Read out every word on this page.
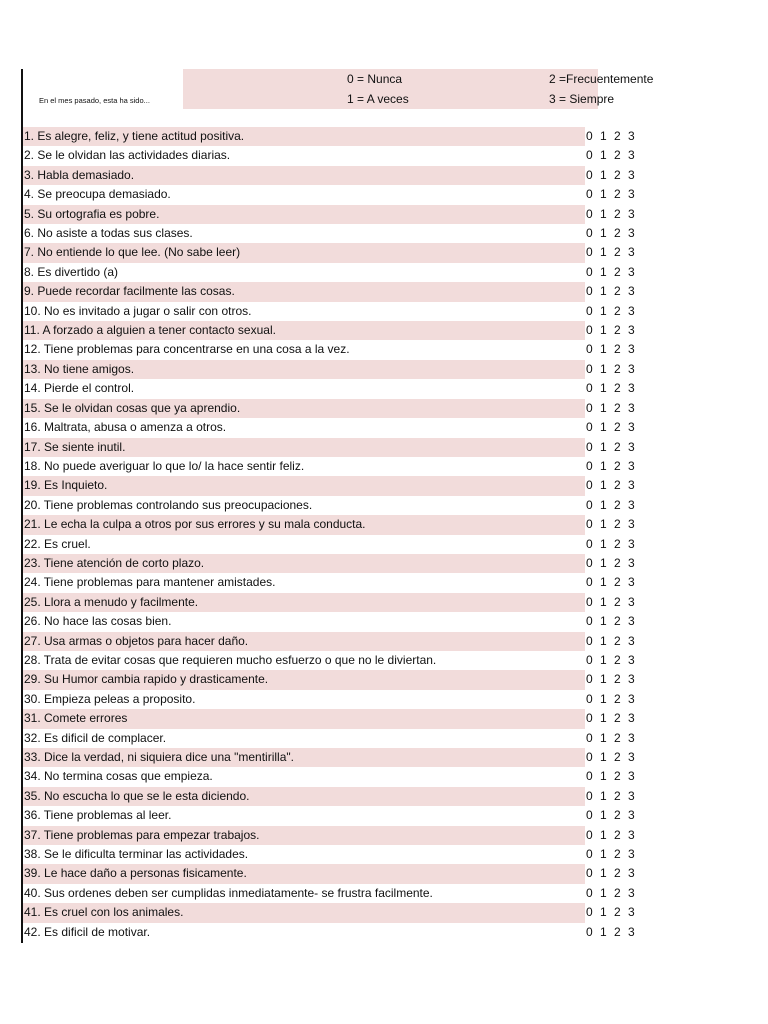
0 = Nunca
1 = A veces
2 =Frecuentemente
3 = Siempre
En el mes pasado, esta ha sido...
1. Es alegre, feliz, y tiene actitud positiva.	0 1 2 3
2. Se le olvidan las actividades diarias.	0 1 2 3
3. Habla demasiado.	0 1 2 3
4. Se preocupa demasiado.	0 1 2 3
5. Su ortografia es pobre.	0 1 2 3
6. No asiste a todas sus clases.	0 1 2 3
7. No entiende lo que lee. (No sabe leer)	0 1 2 3
8. Es divertido (a)	0 1 2 3
9. Puede recordar facilmente las cosas.	0 1 2 3
10. No es invitado a jugar o salir con otros.	0 1 2 3
11. A forzado a alguien a tener contacto sexual.	0 1 2 3
12. Tiene problemas para concentrarse en una cosa a la vez.	0 1 2 3
13. No tiene amigos.	0 1 2 3
14. Pierde el control.	0 1 2 3
15. Se le olvidan cosas que ya aprendio.	0 1 2 3
16. Maltrata, abusa o amenza a otros.	0 1 2 3
17. Se siente inutil.	0 1 2 3
18. No puede averiguar lo que lo/ la hace sentir feliz.	0 1 2 3
19. Es Inquieto.	0 1 2 3
20. Tiene problemas controlando sus preocupaciones.	0 1 2 3
21. Le echa la culpa a otros por sus errores y su mala conducta.	0 1 2 3
22. Es cruel.	0 1 2 3
23. Tiene atención de corto plazo.	0 1 2 3
24. Tiene problemas para mantener amistades.	0 1 2 3
25. Llora a menudo y facilmente.	0 1 2 3
26. No hace las cosas bien.	0 1 2 3
27. Usa armas o objetos para hacer daño.	0 1 2 3
28. Trata de evitar cosas que requieren mucho esfuerzo o que no le diviertan.	0 1 2 3
29. Su Humor cambia rapido y drasticamente.	0 1 2 3
30. Empieza peleas a proposito.	0 1 2 3
31. Comete errores	0 1 2 3
32. Es dificil de complacer.	0 1 2 3
33. Dice la verdad, ni siquiera dice una "mentirilla".	0 1 2 3
34. No termina cosas que empieza.	0 1 2 3
35. No escucha lo que se le esta diciendo.	0 1 2 3
36. Tiene problemas al leer.	0 1 2 3
37. Tiene problemas para empezar trabajos.	0 1 2 3
38. Se le dificulta terminar las actividades.	0 1 2 3
39. Le hace daño a personas fisicamente.	0 1 2 3
40. Sus ordenes deben ser cumplidas inmediatamente- se frustra facilmente.	0 1 2 3
41. Es cruel con los animales.	0 1 2 3
42. Es dificil de motivar.	0 1 2 3
